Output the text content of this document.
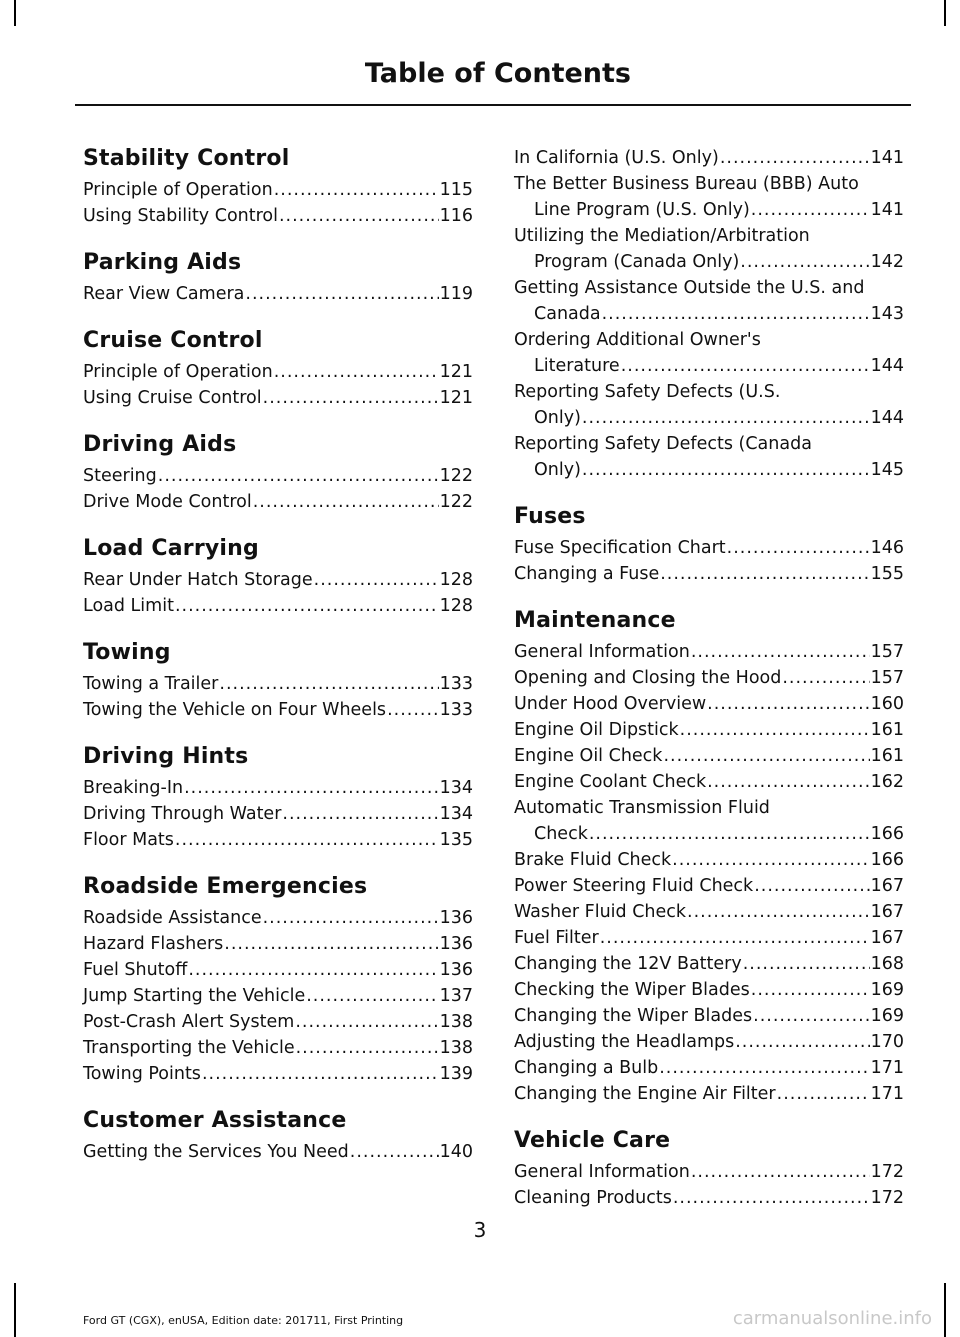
Table of Contents
Stability Control
Principle of Operation .....	115
Using Stability Control .....	116
Parking Aids
Rear View Camera .....	119
Cruise Control
Principle of Operation .....	121
Using Cruise Control .....	121
Driving Aids
Steering .....	122
Drive Mode Control .....	122
Load Carrying
Rear Under Hatch Storage .....	128
Load Limit .....	128
Towing
Towing a Trailer .....	133
Towing the Vehicle on Four Wheels .....	133
Driving Hints
Breaking-In .....	134
Driving Through Water .....	134
Floor Mats .....	135
Roadside Emergencies
Roadside Assistance .....	136
Hazard Flashers .....	136
Fuel Shutoff .....	136
Jump Starting the Vehicle .....	137
Post-Crash Alert System .....	138
Transporting the Vehicle .....	138
Towing Points .....	139
Customer Assistance
Getting the Services You Need .....	140
In California (U.S. Only) .....	141
The Better Business Bureau (BBB) Auto
Line Program (U.S. Only) .....	141
Utilizing the Mediation/Arbitration
Program (Canada Only) .....	142
Getting Assistance Outside the U.S. and
Canada .....	143
Ordering Additional Owner's
Literature .....	144
Reporting Safety Defects (U.S.
Only) .....	144
Reporting Safety Defects (Canada
Only) .....	145
Fuses
Fuse Specification Chart .....	146
Changing a Fuse .....	155
Maintenance
General Information .....	157
Opening and Closing the Hood .....	157
Under Hood Overview .....	160
Engine Oil Dipstick .....	161
Engine Oil Check .....	161
Engine Coolant Check .....	162
Automatic Transmission Fluid
Check .....	166
Brake Fluid Check .....	166
Power Steering Fluid Check .....	167
Washer Fluid Check .....	167
Fuel Filter .....	167
Changing the 12V Battery .....	168
Checking the Wiper Blades .....	169
Changing the Wiper Blades .....	169
Adjusting the Headlamps .....	170
Changing a Bulb .....	171
Changing the Engine Air Filter .....	171
Vehicle Care
General Information .....	172
Cleaning Products .....	172
3
Ford GT (CGX), enUSA, Edition date: 201711, First Printing	carmanualsonline.info
